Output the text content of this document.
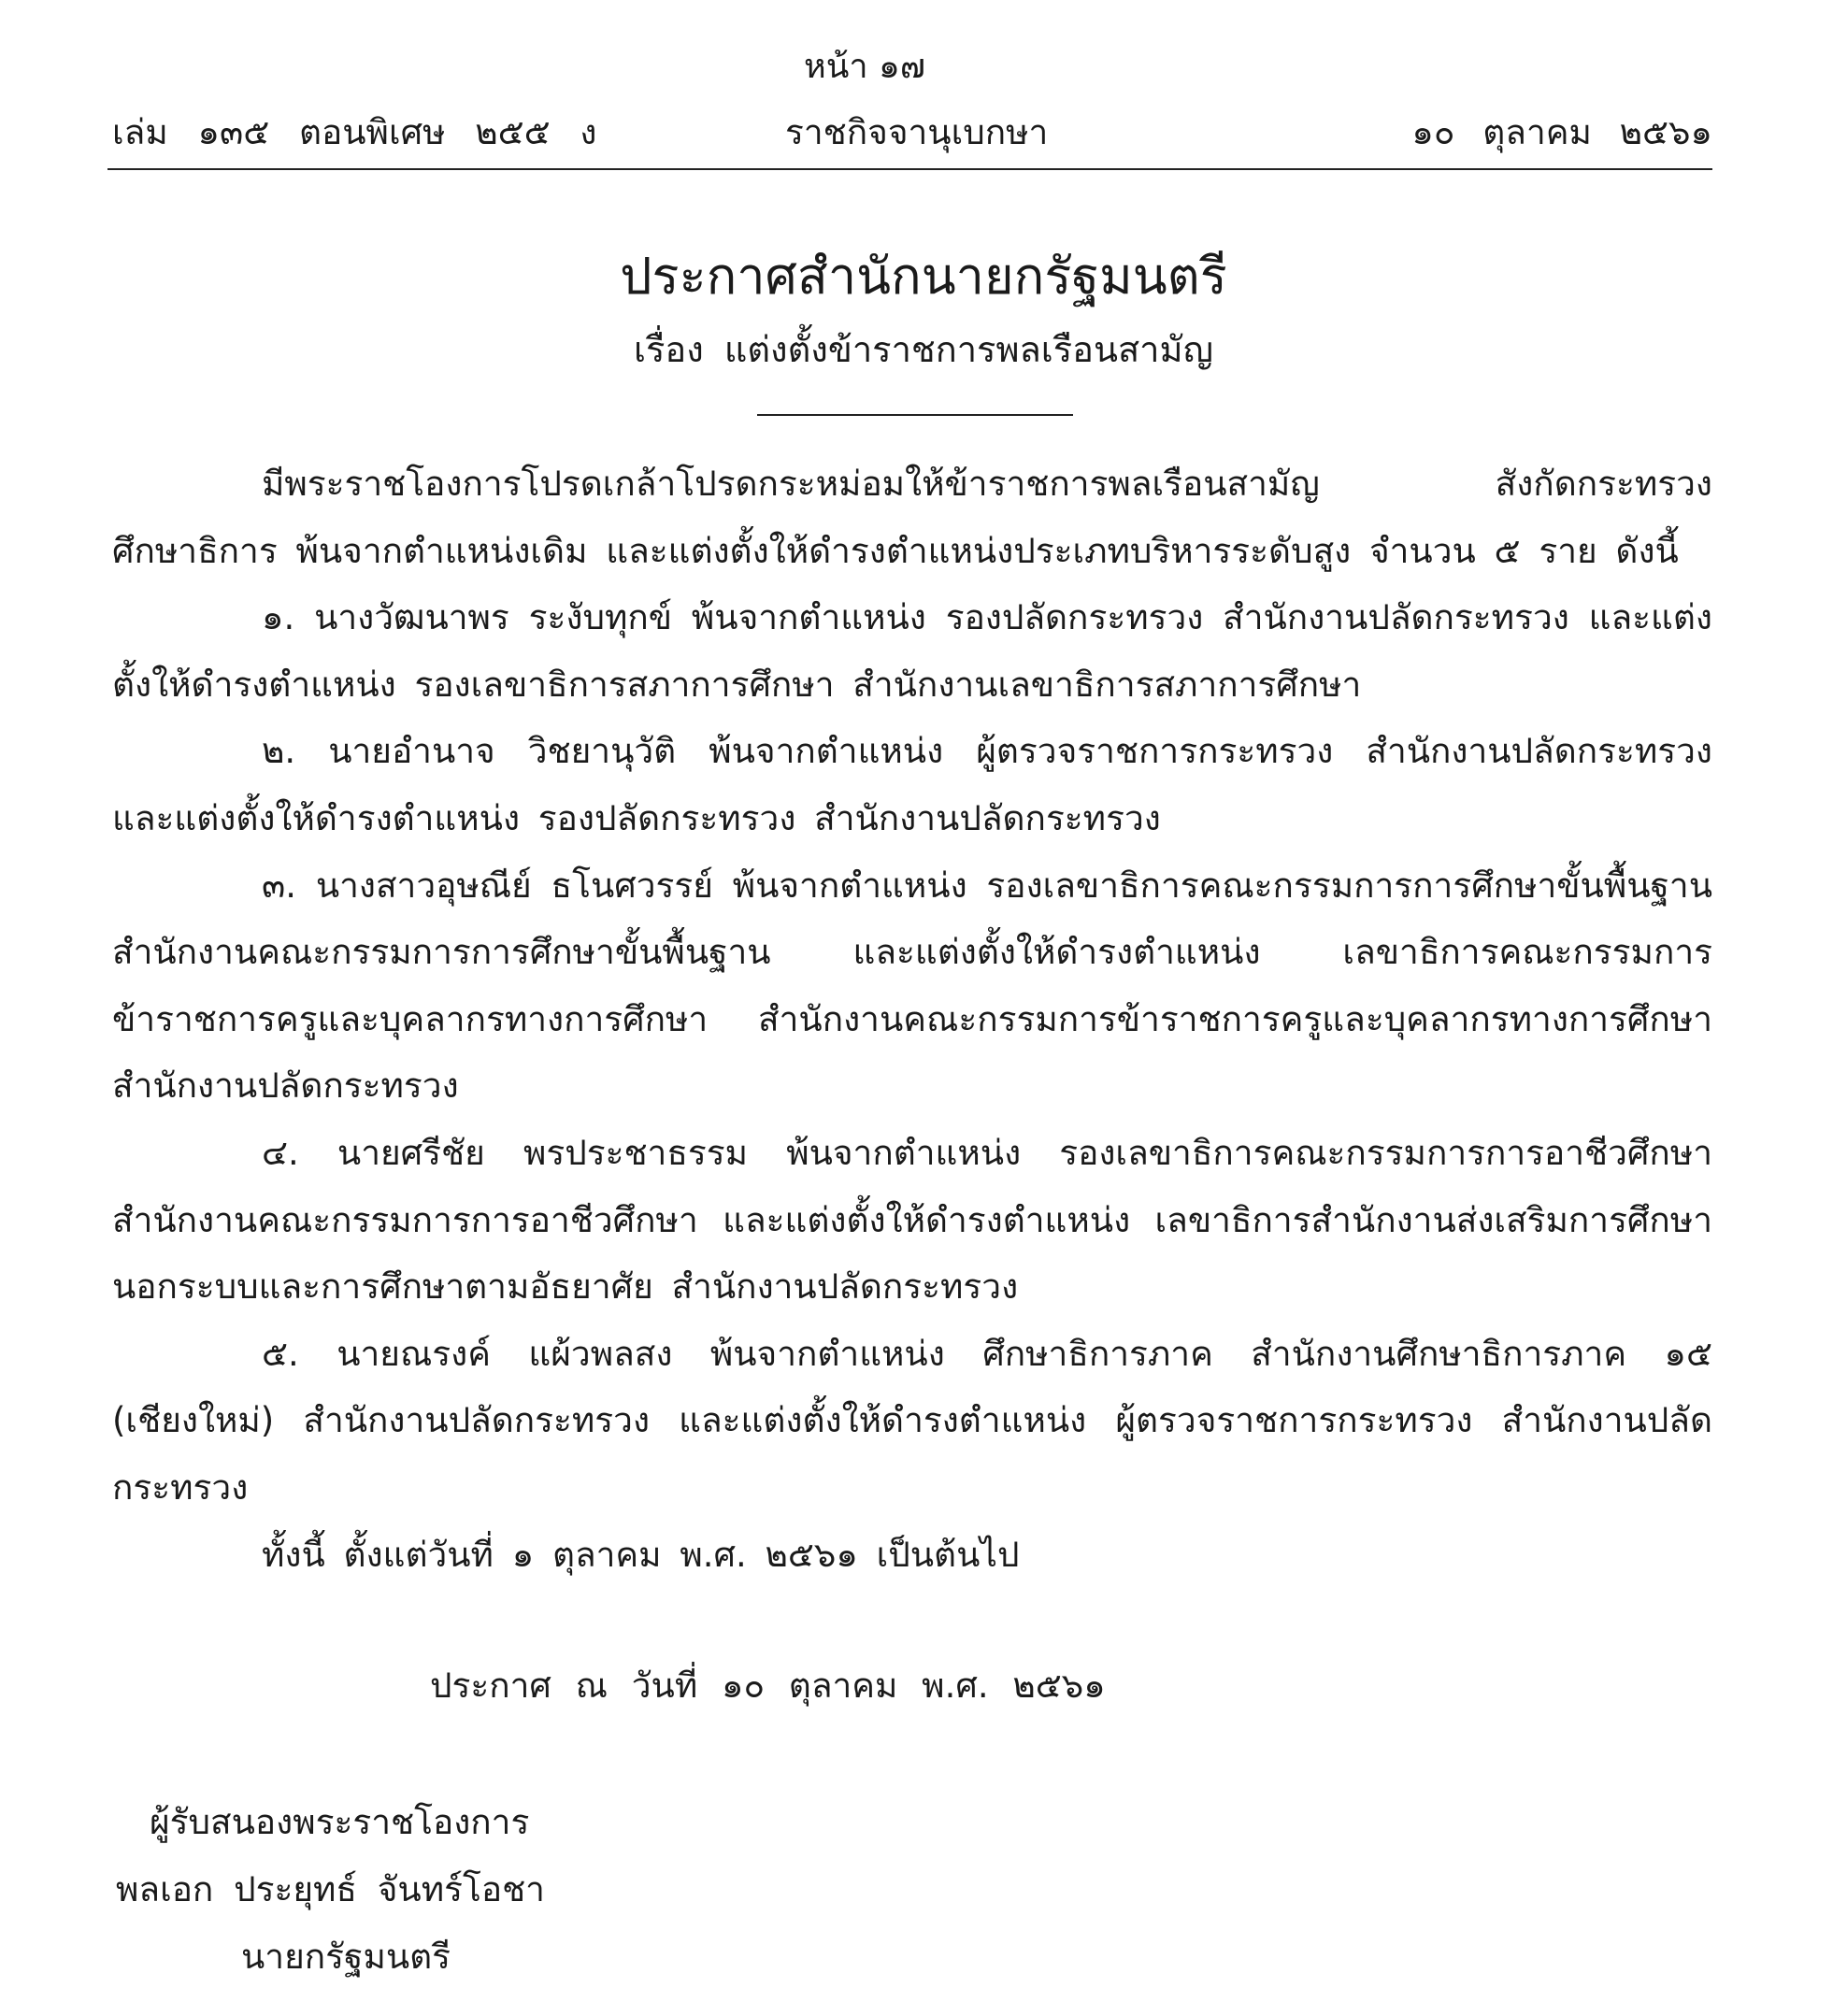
หน้า ๑๗
เล่ม ๑๓๕ ตอนพิเศษ ๒๕๕ ง	ราชกิจจานุเบกษา	๑๐ ตุลาคม ๒๕๖๑
ประกาศสำนักนายกรัฐมนตรี
เรื่อง แต่งตั้งข้าราชการพลเรือนสามัญ

มีพระราชโองการโปรดเกล้าโปรดกระหม่อมให้ข้าราชการพลเรือนสามัญ สังกัดกระทรวงศึกษาธิการ พ้นจากตำแหน่งเดิม และแต่งตั้งให้ดำรงตำแหน่งประเภทบริหารระดับสูง จำนวน ๕ ราย ดังนี้

๑. นางวัฒนาพร ระงับทุกข์ พ้นจากตำแหน่ง รองปลัดกระทรวง สำนักงานปลัดกระทรวง และแต่งตั้งให้ดำรงตำแหน่ง รองเลขาธิการสภาการศึกษา สำนักงานเลขาธิการสภาการศึกษา

๒. นายอำนาจ วิชยานุวัติ พ้นจากตำแหน่ง ผู้ตรวจราชการกระทรวง สำนักงานปลัดกระทรวง และแต่งตั้งให้ดำรงตำแหน่ง รองปลัดกระทรวง สำนักงานปลัดกระทรวง

๓. นางสาวอุษณีย์ ธโนศวรรย์ พ้นจากตำแหน่ง รองเลขาธิการคณะกรรมการการศึกษาขั้นพื้นฐาน สำนักงานคณะกรรมการการศึกษาขั้นพื้นฐาน และแต่งตั้งให้ดำรงตำแหน่ง เลขาธิการคณะกรรมการข้าราชการครูและบุคลากรทางการศึกษา สำนักงานคณะกรรมการข้าราชการครูและบุคลากรทางการศึกษา สำนักงานปลัดกระทรวง

๔. นายศรีชัย พรประชาธรรม พ้นจากตำแหน่ง รองเลขาธิการคณะกรรมการการอาชีวศึกษา สำนักงานคณะกรรมการการอาชีวศึกษา และแต่งตั้งให้ดำรงตำแหน่ง เลขาธิการสำนักงานส่งเสริมการศึกษานอกระบบและการศึกษาตามอัธยาศัย สำนักงานปลัดกระทรวง

๕. นายณรงค์ แผ้วพลสง พ้นจากตำแหน่ง ศึกษาธิการภาค สำนักงานศึกษาธิการภาค ๑๕ (เชียงใหม่) สำนักงานปลัดกระทรวง และแต่งตั้งให้ดำรงตำแหน่ง ผู้ตรวจราชการกระทรวง สำนักงานปลัดกระทรวง

ทั้งนี้ ตั้งแต่วันที่ ๑ ตุลาคม พ.ศ. ๒๕๖๑ เป็นต้นไป

ประกาศ ณ วันที่ ๑๐ ตุลาคม พ.ศ. ๒๕๖๑
ผู้รับสนองพระราชโองการ
พลเอก ประยุทธ์ จันทร์โอชา
นายกรัฐมนตรี
